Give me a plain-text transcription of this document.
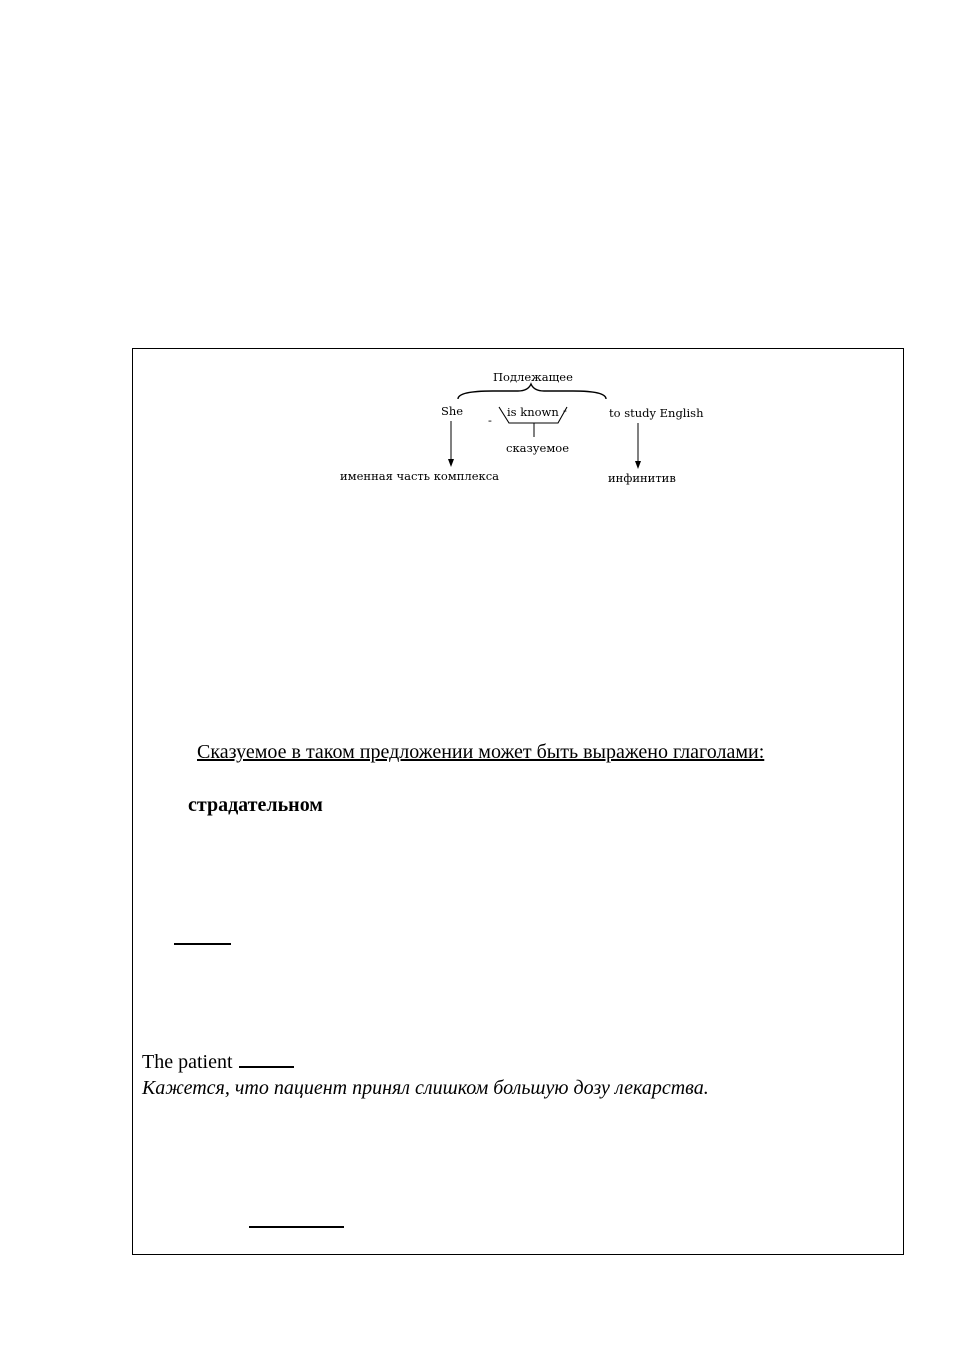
Подлежащее
She	is known
-
-	to study English
сказуемое
именная часть комплекса	инфинитив
Сказуемое в таком предложении может быть выражено глаголами:
страдательном
The patient
Кажется, что пациент принял слишком большую дозу лекарства.
